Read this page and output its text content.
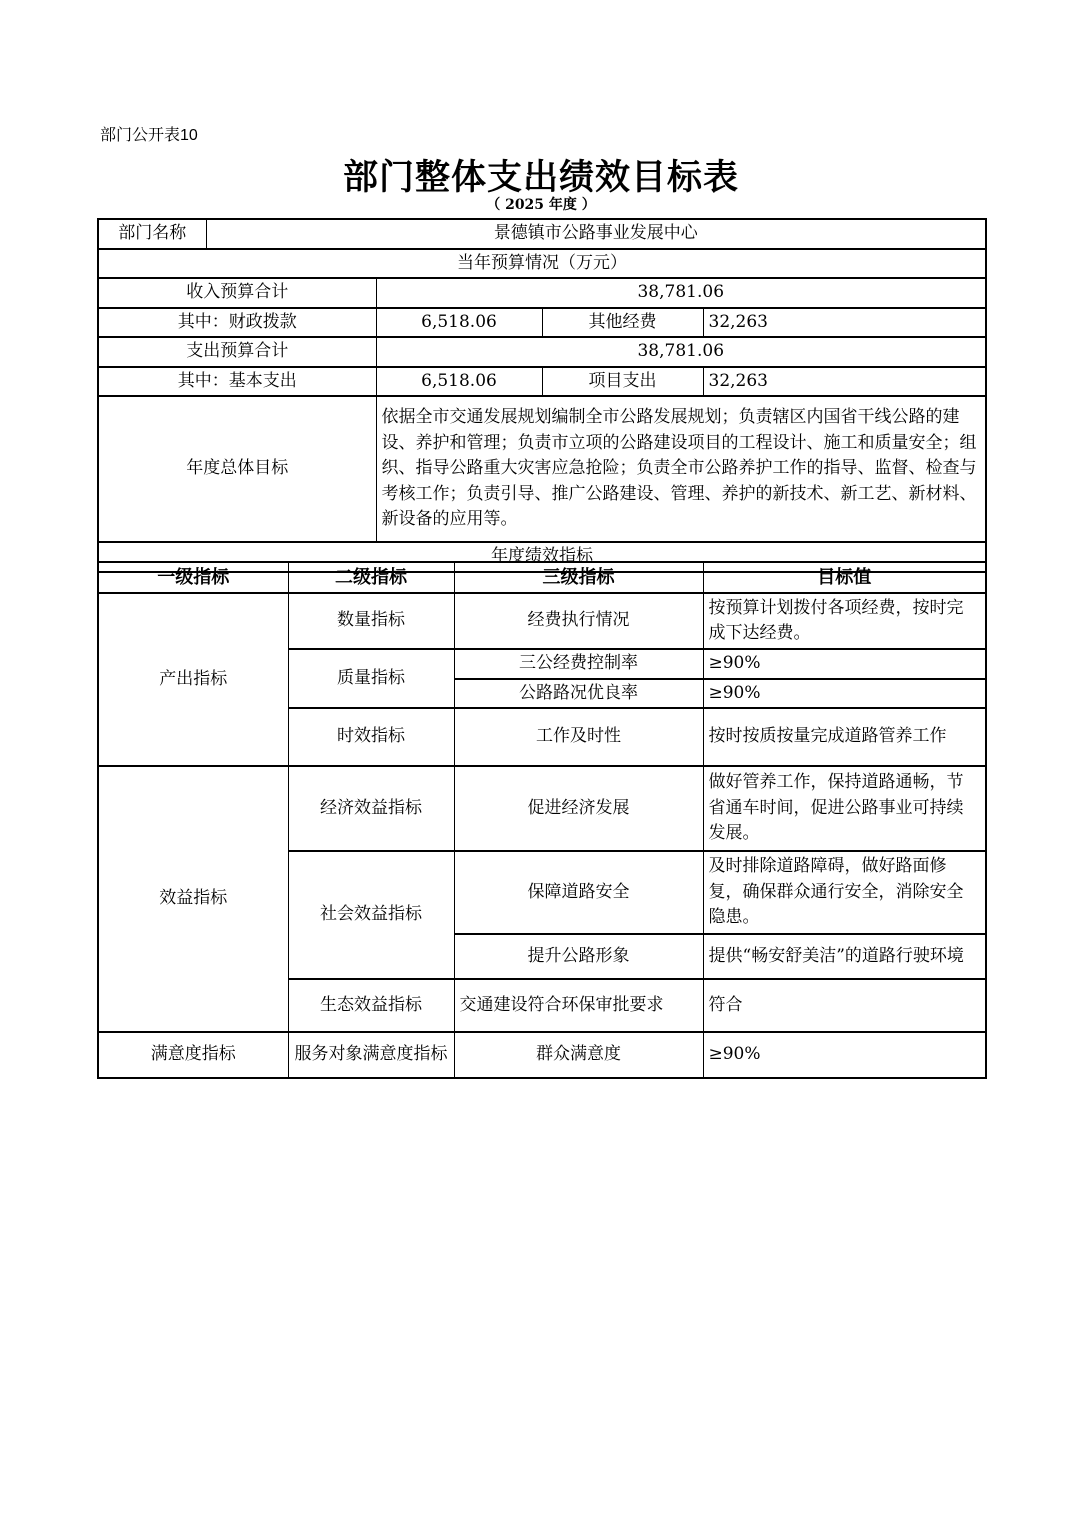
部门公开表10
部门整体支出绩效目标表
（ 2025 年度 ）
部门名称	景德镇市公路事业发展中心			
当年预算情况（万元）				
收入预算合计		38,781.06		
其中：财政拨款		6,518.06	其他经费	32,263
支出预算合计		38,781.06		
其中：基本支出		6,518.06	项目支出	32,263
年度总体目标		依据全市交通发展规划编制全市公路发展规划；负责辖区内国省干线公路的建设、养护和管理；负责市立项的公路建设项目的工程设计、施工和质量安全；组织、指导公路重大灾害应急抢险；负责全市公路养护工作的指导、监督、检查与考核工作；负责引导、推广公路建设、管理、养护的新技术、新工艺、新材料、新设备的应用等。		
年度绩效指标				
一级指标	二级指标	三级指标	目标值
产出指标	数量指标	经费执行情况	按预算计划拨付各项经费，按时完成下达经费。
	质量指标	三公经费控制率	≥90%
		公路路况优良率	≥90%
	时效指标	工作及时性	按时按质按量完成道路管养工作
效益指标	经济效益指标	促进经济发展	做好管养工作，保持道路通畅，节省通车时间，促进公路事业可持续发展。
	社会效益指标	保障道路安全	及时排除道路障碍，做好路面修复，确保群众通行安全，消除安全隐患。
		提升公路形象	提供“畅安舒美洁”的道路行驶环境
	生态效益指标	交通建设符合环保审批要求	符合
满意度指标	服务对象满意度指标	群众满意度	≥90%
